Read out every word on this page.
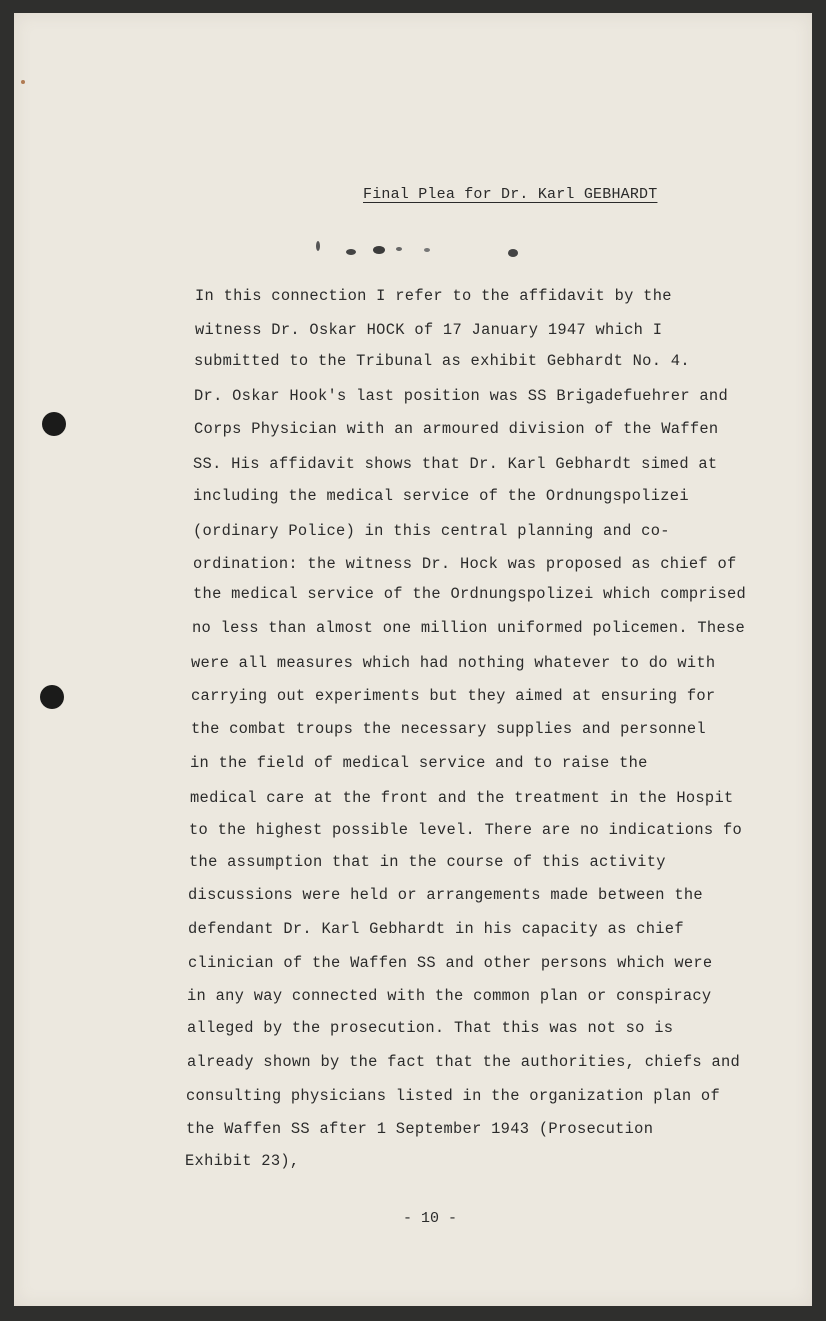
Final Plea for Dr. Karl GEBHARDT
In this connection I refer to the affidavit by the
witness Dr. Oskar HOCK of 17 January 1947 which I
submitted to the Tribunal as exhibit Gebhardt No. 4.
Dr. Oskar Hook's last position was SS Brigadefuehrer and
Corps Physician with an armoured division of the Waffen
SS. His affidavit shows that Dr. Karl Gebhardt simed at
including the medical service of the Ordnungspolizei
(ordinary Police) in this central planning and co-
ordination: the witness Dr. Hock was proposed as chief of
the medical service of the Ordnungspolizei which comprised
no less than almost one million uniformed policemen. These
were all measures which had nothing whatever to do with
carrying out experiments but they aimed at ensuring for
the combat troups the necessary supplies and personnel
in the field of medical service and to raise the
medical care at the front and the treatment in the Hospit
to the highest possible level. There are no indications fo
the assumption that in the course of this activity
discussions were held or arrangements made between the
defendant Dr. Karl Gebhardt in his capacity as chief
clinician of the Waffen SS and other persons which were
in any way connected with the common plan or conspiracy
alleged by the prosecution. That this was not so is
already shown by the fact that the authorities, chiefs and
consulting physicians listed in the organization plan of
the Waffen SS after 1 September 1943 (Prosecution
Exhibit 23),
- 10 -
